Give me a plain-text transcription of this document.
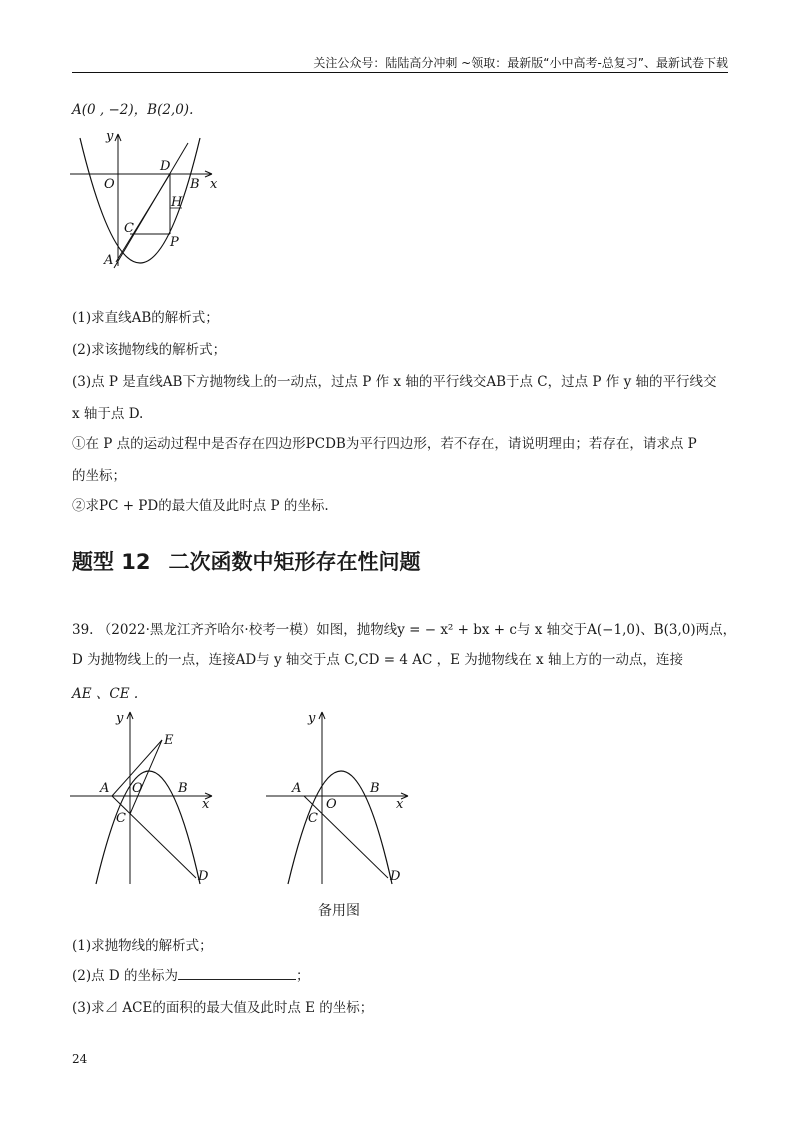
关注公众号：陆陆高分冲刺 ~领取：最新版“小中高考-总复习”、最新试卷下载
A(0 , −2)，B(2,0).
y
x
O
D
B
H
C
P
A
(1)求直线AB的解析式；
(2)求该抛物线的解析式；
(3)点 P 是直线AB下方抛物线上的一动点，过点 P 作 x 轴的平行线交AB于点 C，过点 P 作 y 轴的平行线交
x 轴于点 D.
①在 P 点的运动过程中是否存在四边形PCDB为平行四边形，若不存在，请说明理由；若存在，请求点 P
的坐标；
②求PC + PD的最大值及此时点 P 的坐标.
题型 12 二次函数中矩形存在性问题
39. （2022·黑龙江齐齐哈尔·校考一模）如图，抛物线y = − x² + bx + c与 x 轴交于A(−1,0)、B(3,0)两点，
D 为抛物线上的一点，连接AD与 y 轴交于点 C,CD = 4 AC ，E 为抛物线在 x 轴上方的一动点，连接
AE 、CE .
y
x
A O	B
C
D
E
y
x
A
O
B
C
D
备用图
(1)求抛物线的解析式；
(2)点 D 的坐标为	；
(3)求⊿ ACE的面积的最大值及此时点 E 的坐标；
24
